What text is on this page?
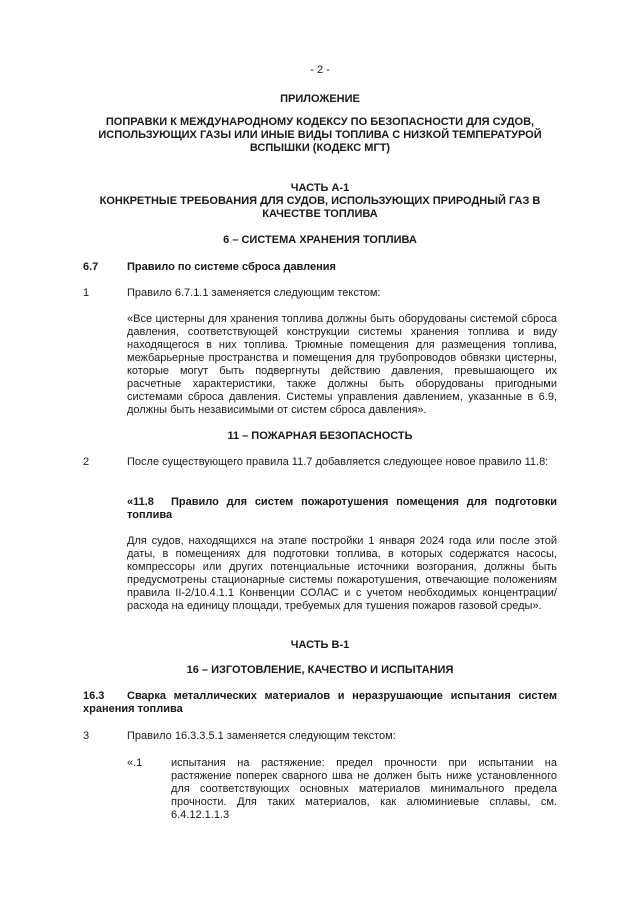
- 2 -
ПРИЛОЖЕНИЕ
ПОПРАВКИ К МЕЖДУНАРОДНОМУ КОДЕКСУ ПО БЕЗОПАСНОСТИ ДЛЯ СУДОВ, ИСПОЛЬЗУЮЩИХ ГАЗЫ ИЛИ ИНЫЕ ВИДЫ ТОПЛИВА С НИЗКОЙ ТЕМПЕРАТУРОЙ ВСПЫШКИ (КОДЕКС МГТ)
ЧАСТЬ А-1
КОНКРЕТНЫЕ ТРЕБОВАНИЯ ДЛЯ СУДОВ, ИСПОЛЬЗУЮЩИХ ПРИРОДНЫЙ ГАЗ В КАЧЕСТВЕ ТОПЛИВА
6 – СИСТЕМА ХРАНЕНИЯ ТОПЛИВА
6.7	Правило по системе сброса давления
1	Правило 6.7.1.1 заменяется следующим текстом:
«Все цистерны для хранения топлива должны быть оборудованы системой сброса давления, соответствующей конструкции системы хранения топлива и виду находящегося в них топлива. Трюмные помещения для размещения топлива, межбарьерные пространства и помещения для трубопроводов обвязки цистерны, которые могут быть подвергнуты действию давления, превышающего их расчетные характеристики, также должны быть оборудованы пригодными системами сброса давления. Системы управления давлением, указанные в 6.9, должны быть независимыми от систем сброса давления».
11 – ПОЖАРНАЯ БЕЗОПАСНОСТЬ
2	После существующего правила 11.7 добавляется следующее новое правило 11.8:
«11.8	Правило для систем пожаротушения помещения для подготовки топлива
Для судов, находящихся на этапе постройки 1 января 2024 года или после этой даты, в помещениях для подготовки топлива, в которых содержатся насосы, компрессоры или других потенциальные источники возгорания, должны быть предусмотрены стационарные системы пожаротушения, отвечающие положениям правила II-2/10.4.1.1 Конвенции СОЛАС и с учетом необходимых концентрации/расхода на единицу площади, требуемых для тушения пожаров газовой среды».
ЧАСТЬ В-1
16 – ИЗГОТОВЛЕНИЕ, КАЧЕСТВО И ИСПЫТАНИЯ
16.3	Сварка металлических материалов и неразрушающие испытания систем хранения топлива
3	Правило 16.3.3.5.1 заменяется следующим текстом:
«.1	испытания на растяжение: предел прочности при испытании на растяжение поперек сварного шва не должен быть ниже установленного для соответствующих основных материалов минимального предела прочности. Для таких материалов, как алюминиевые сплавы, см. 6.4.12.1.1.3
